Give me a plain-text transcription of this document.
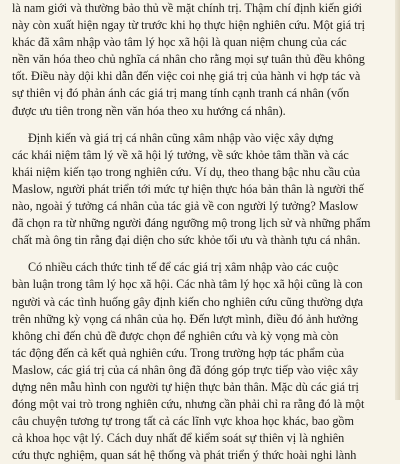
là nam giới và thường bảo thủ về mặt chính trị. Thậm chí định kiến giới
này còn xuất hiện ngay từ trước khi họ thực hiện nghiên cứu. Một giá trị
khác đã xâm nhập vào tâm lý học xã hội là quan niệm chung của các
nền văn hóa theo chủ nghĩa cá nhân cho rằng mọi sự tuân thủ đều không
tốt. Điều này dội khi dẫn đến việc coi nhẹ giá trị của hành vi hợp tác và
sự thiên vị đó phản ánh các giá trị mang tính cạnh tranh cá nhân (vốn
được ưu tiên trong nền văn hóa theo xu hướng cá nhân).

Định kiến và giá trị cá nhân cũng xâm nhập vào việc xây dựng
các khái niệm tâm lý về xã hội lý tưởng, về sức khỏe tâm thần và các
khái niệm kiến tạo trong nghiên cứu. Ví dụ, theo thang bậc nhu cầu của
Maslow, người phát triển tới mức tự hiện thực hóa bản thân là người thế
nào, ngoài ý tưởng cá nhân của tác giả về con người lý tưởng? Maslow
đã chọn ra từ những người đáng ngưỡng mộ trong lịch sử và những phẩm
chất mà ông tin rằng đại diện cho sức khỏe tối ưu và thành tựu cá nhân.

Có nhiều cách thức tinh tế để các giá trị xâm nhập vào các cuộc
bàn luận trong tâm lý học xã hội. Các nhà tâm lý học xã hội cũng là con
người và các tình huống gây định kiến cho nghiên cứu cũng thường dựa
trên những kỳ vọng cá nhân của họ. Đến lượt mình, điều đó ảnh hưởng
không chỉ đến chủ đề được chọn để nghiên cứu và kỳ vọng mà còn
tác động đến cả kết quả nghiên cứu. Trong trường hợp tác phẩm của
Maslow, các giá trị của cá nhân ông đã đóng góp trực tiếp vào việc xây
dựng nên mẫu hình con người tự hiện thực bản thân. Mặc dù các giá trị
đóng một vai trò trong nghiên cứu, nhưng cần phải chỉ ra rằng đó là một
câu chuyện tương tự trong tất cả các lĩnh vực khoa học khác, bao gồm
cả khoa học vật lý. Cách duy nhất để kiểm soát sự thiên vị là nghiên
cứu thực nghiệm, quan sát hệ thống và phát triển ý thức hoài nghi lành
